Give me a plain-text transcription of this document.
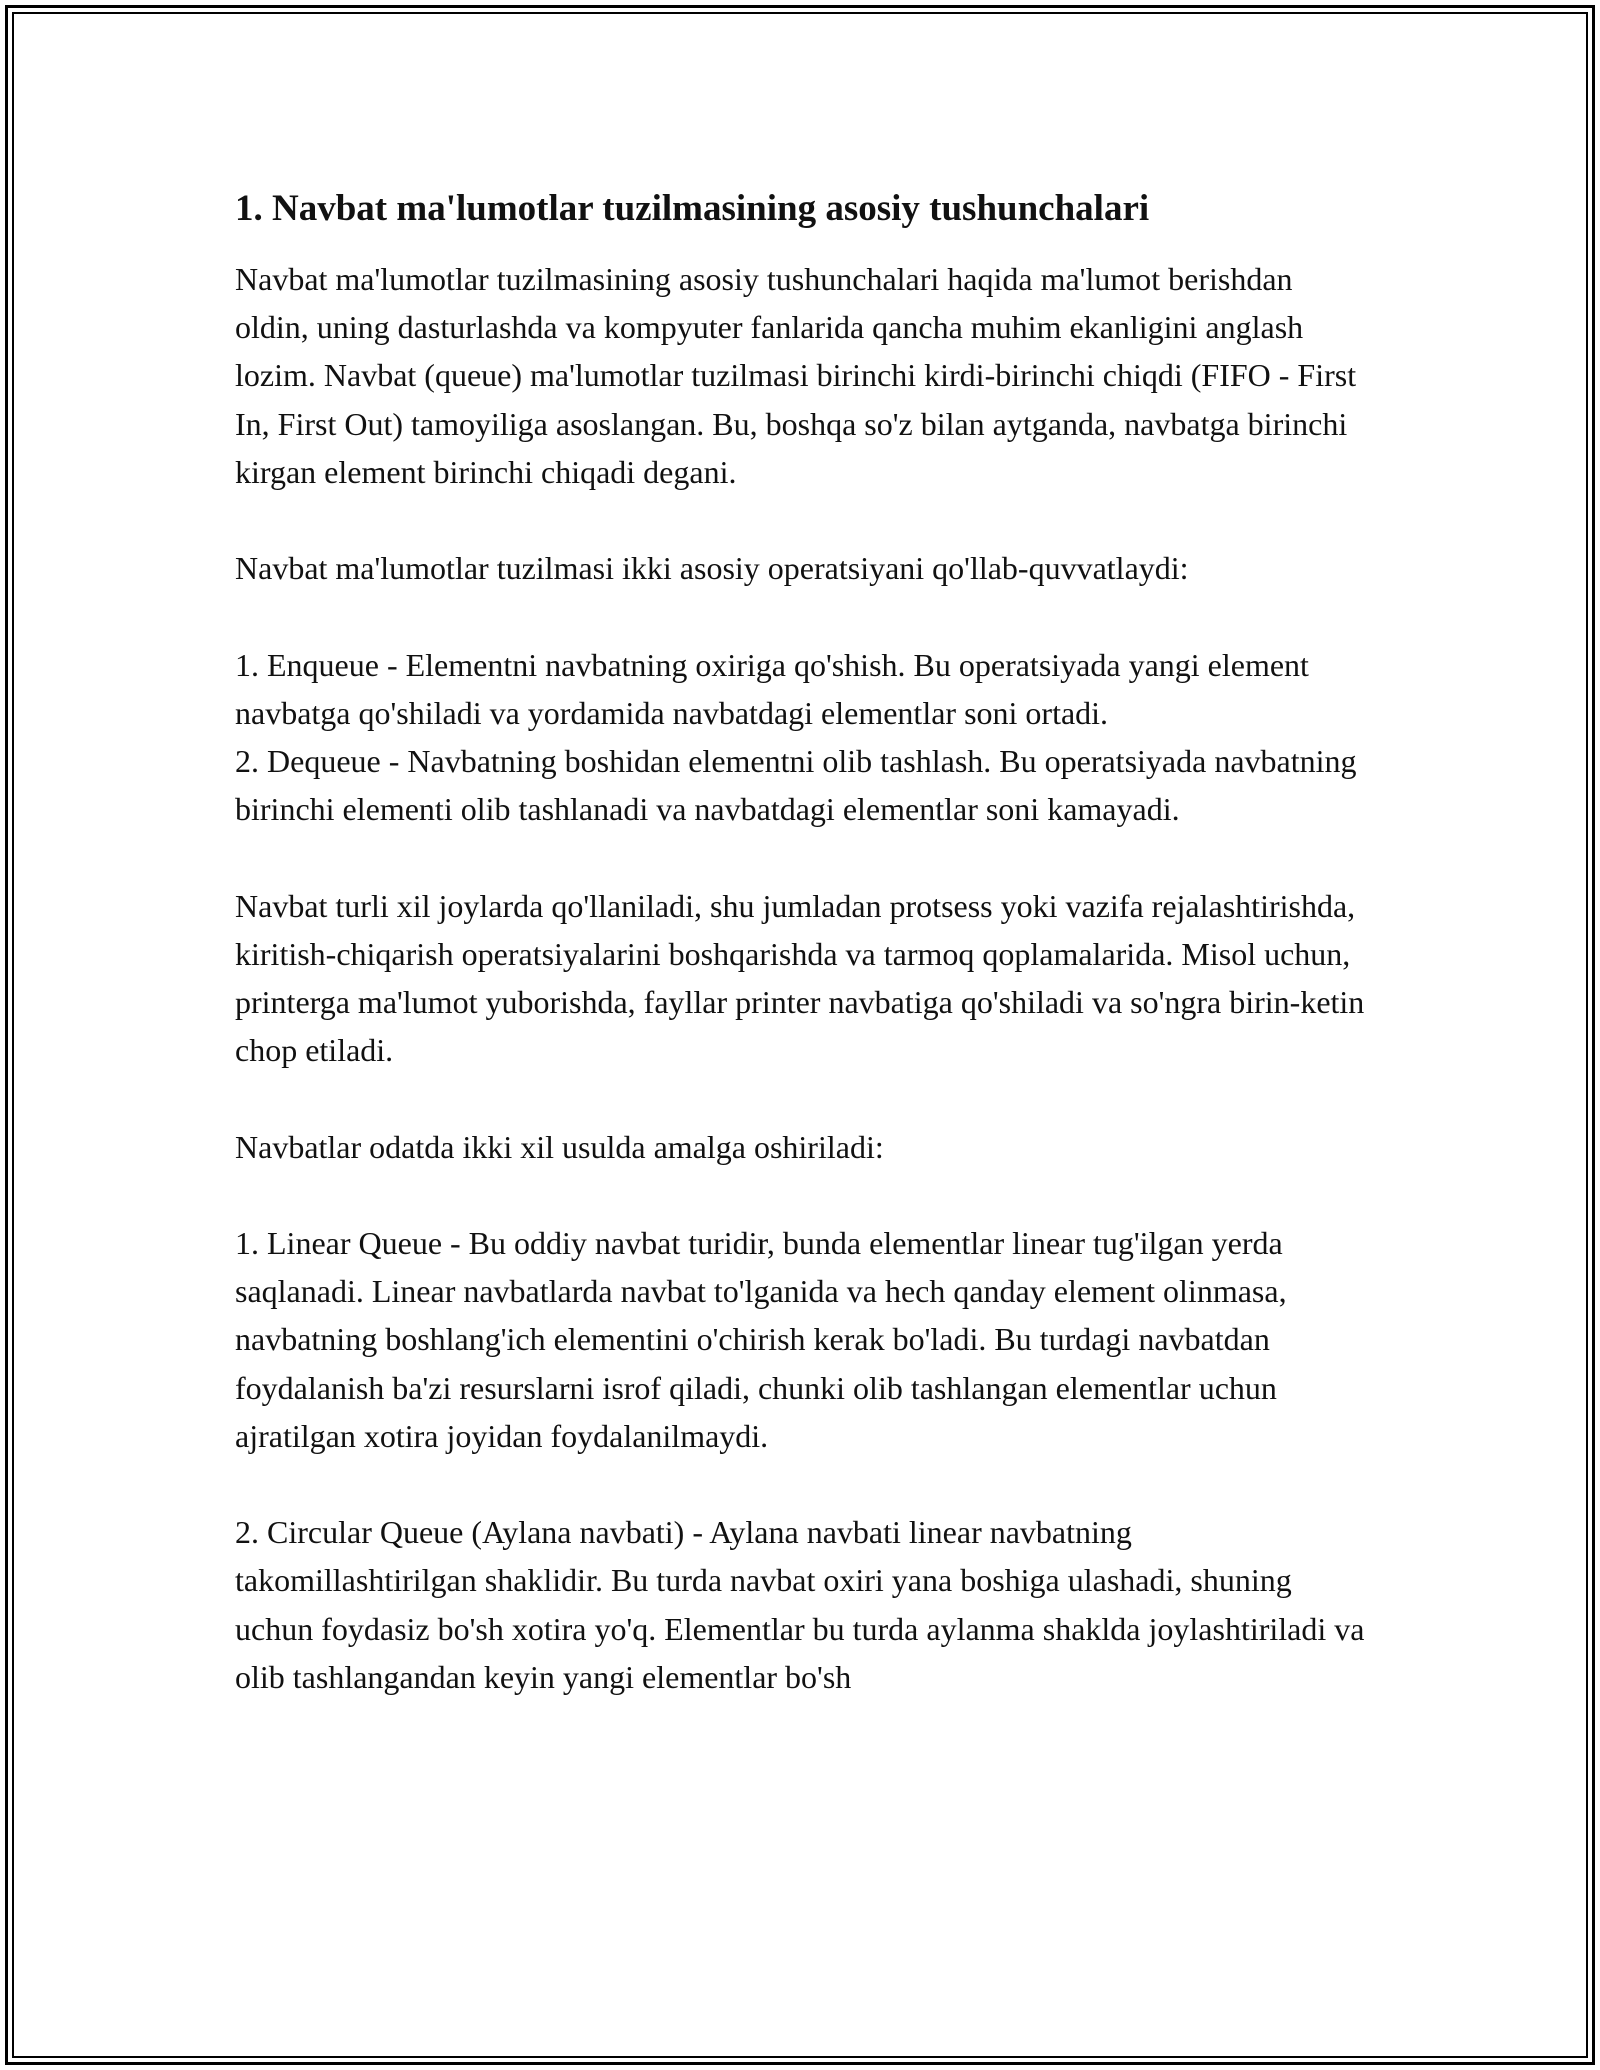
1. Navbat ma'lumotlar tuzilmasining asosiy tushunchalari

Navbat ma'lumotlar tuzilmasining asosiy tushunchalari haqida ma'lumot berishdan oldin, uning dasturlashda va kompyuter fanlarida qancha muhim ekanligini anglash lozim. Navbat (queue) ma'lumotlar tuzilmasi birinchi kirdi-birinchi chiqdi (FIFO - First In, First Out) tamoyiliga asoslangan. Bu, boshqa so'z bilan aytganda, navbatga birinchi kirgan element birinchi chiqadi degani.

Navbat ma'lumotlar tuzilmasi ikki asosiy operatsiyani qo'llab-quvvatlaydi:

1. Enqueue - Elementni navbatning oxiriga qo'shish. Bu operatsiyada yangi element navbatga qo'shiladi va yordamida navbatdagi elementlar soni ortadi.

2. Dequeue - Navbatning boshidan elementni olib tashlash. Bu operatsiyada navbatning birinchi elementi olib tashlanadi va navbatdagi elementlar soni kamayadi.

Navbat turli xil joylarda qo'llaniladi, shu jumladan protsess yoki vazifa rejalashtirishda, kiritish-chiqarish operatsiyalarini boshqarishda va tarmoq qoplamalarida. Misol uchun, printerga ma'lumot yuborishda, fayllar printer navbatiga qo'shiladi va so'ngra birin-ketin chop etiladi.

Navbatlar odatda ikki xil usulda amalga oshiriladi:

1. Linear Queue - Bu oddiy navbat turidir, bunda elementlar linear tug'ilgan yerda saqlanadi. Linear navbatlarda navbat to'lganida va hech qanday element olinmasa, navbatning boshlang'ich elementini o'chirish kerak bo'ladi. Bu turdagi navbatdan foydalanish ba'zi resurslarni isrof qiladi, chunki olib tashlangan elementlar uchun ajratilgan xotira joyidan foydalanilmaydi.

2. Circular Queue (Aylana navbati) - Aylana navbati linear navbatning takomillashtirilgan shaklidir. Bu turda navbat oxiri yana boshiga ulashadi, shuning uchun foydasiz bo'sh xotira yo'q. Elementlar bu turda aylanma shaklda joylashtiriladi va olib tashlangandan keyin yangi elementlar bo'sh
